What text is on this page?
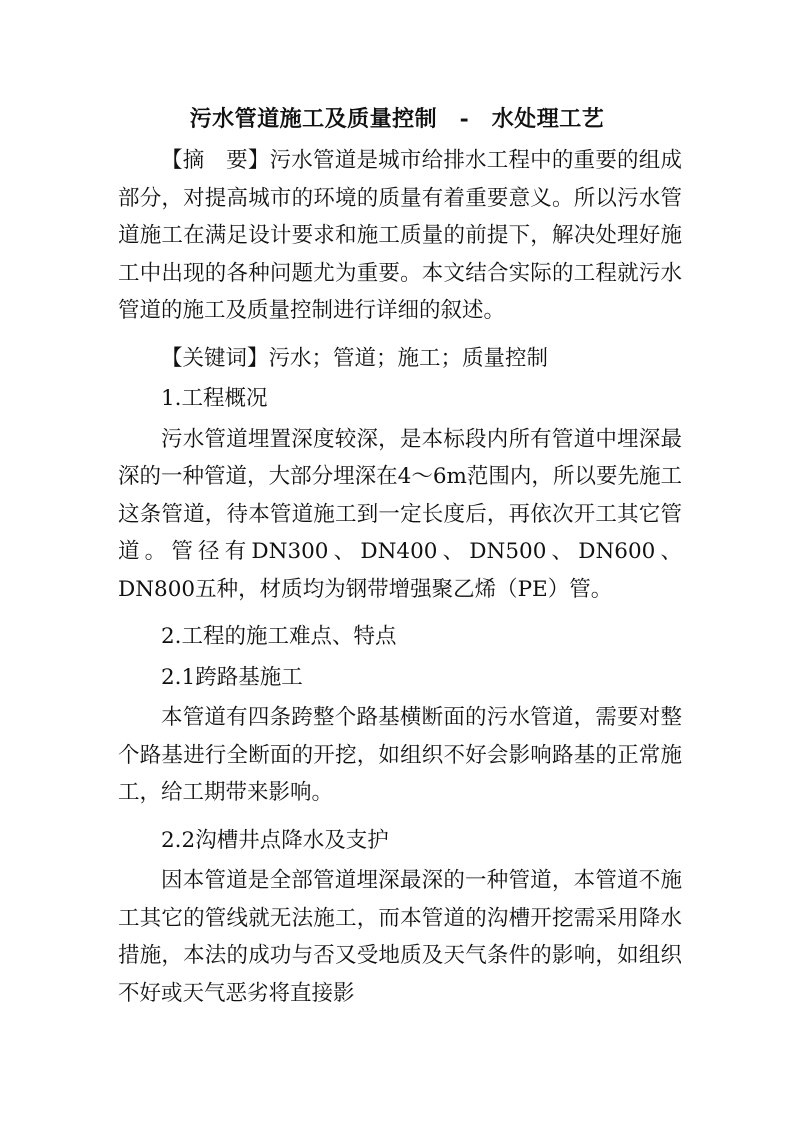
污水管道施工及质量控制　-　水处理工艺

【摘　要】污水管道是城市给排水工程中的重要的组成部分，对提高城市的环境的质量有着重要意义。所以污水管道施工在满足设计要求和施工质量的前提下，解决处理好施工中出现的各种问题尤为重要。本文结合实际的工程就污水管道的施工及质量控制进行详细的叙述。

【关键词】污水；管道；施工；质量控制

1.工程概况

污水管道埋置深度较深，是本标段内所有管道中埋深最深的一种管道，大部分埋深在4～6m范围内，所以要先施工这条管道，待本管道施工到一定长度后，再依次开工其它管道。管径有DN300、DN400、DN500、DN600、DN800五种，材质均为钢带增强聚乙烯（PE）管。

2.工程的施工难点、特点

2.1跨路基施工

本管道有四条跨整个路基横断面的污水管道，需要对整个路基进行全断面的开挖，如组织不好会影响路基的正常施工，给工期带来影响。

2.2沟槽井点降水及支护

因本管道是全部管道埋深最深的一种管道，本管道不施工其它的管线就无法施工，而本管道的沟槽开挖需采用降水措施，本法的成功与否又受地质及天气条件的影响，如组织不好或天气恶劣将直接影
